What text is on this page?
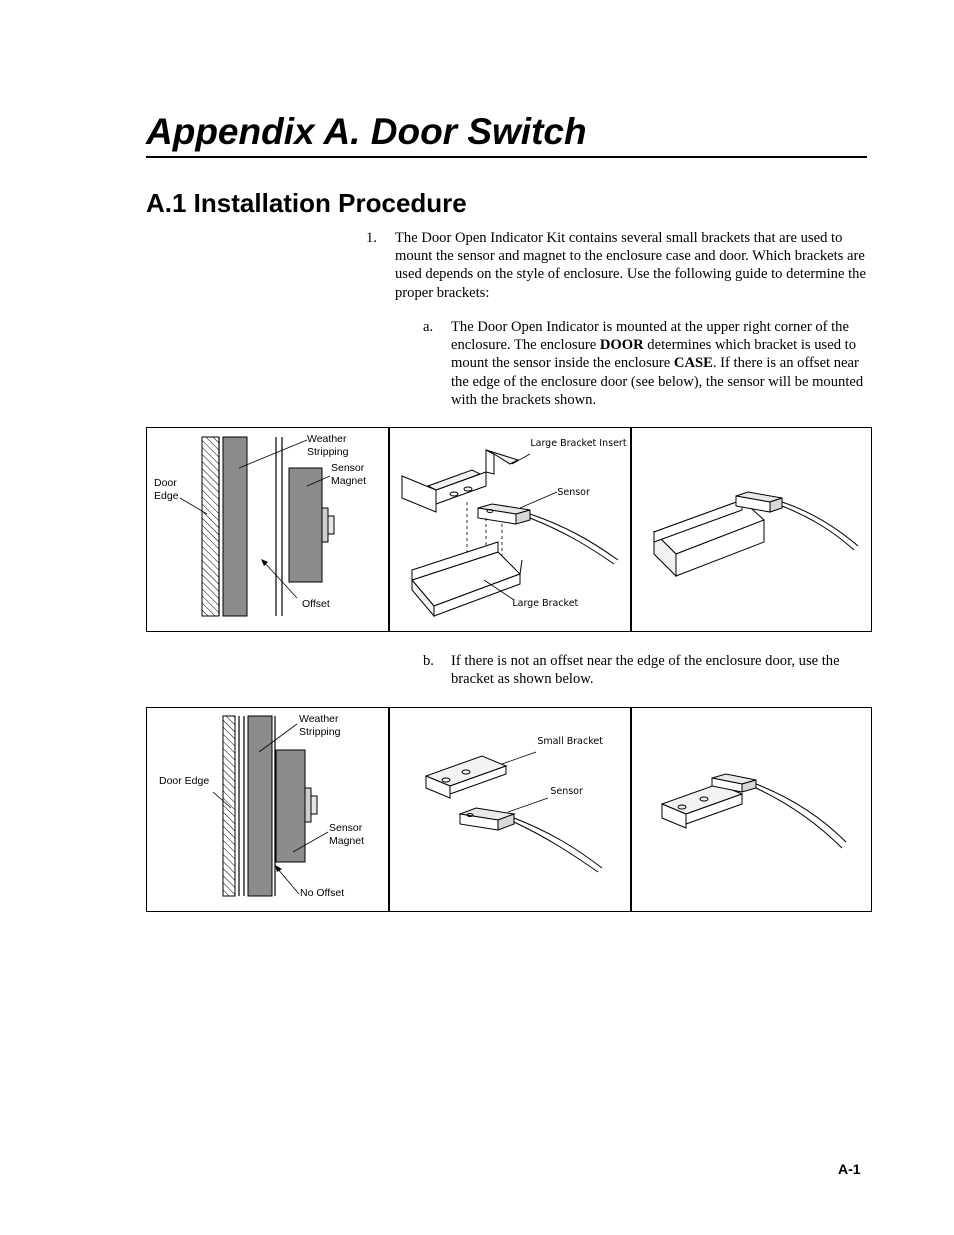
Appendix A. Door Switch
A.1 Installation Procedure
1. The Door Open Indicator Kit contains several small brackets that are used to mount the sensor and magnet to the enclosure case and door. Which brackets are used depends on the style of enclosure. Use the following guide to determine the proper brackets:
a. The Door Open Indicator is mounted at the upper right corner of the enclosure. The enclosure DOOR determines which bracket is used to mount the sensor inside the enclosure CASE. If there is an offset near the edge of the enclosure door (see below), the sensor will be mounted with the brackets shown.
Weather
Stripping
Sensor
Magnet
Door
Edge
Offset
Large Bracket Insert
Sensor
Large Bracket
b. If there is not an offset near the edge of the enclosure door, use the bracket as shown below.
Weather
Stripping
Door Edge
Sensor
Magnet
No Offset
Small Bracket
Sensor
A-1
